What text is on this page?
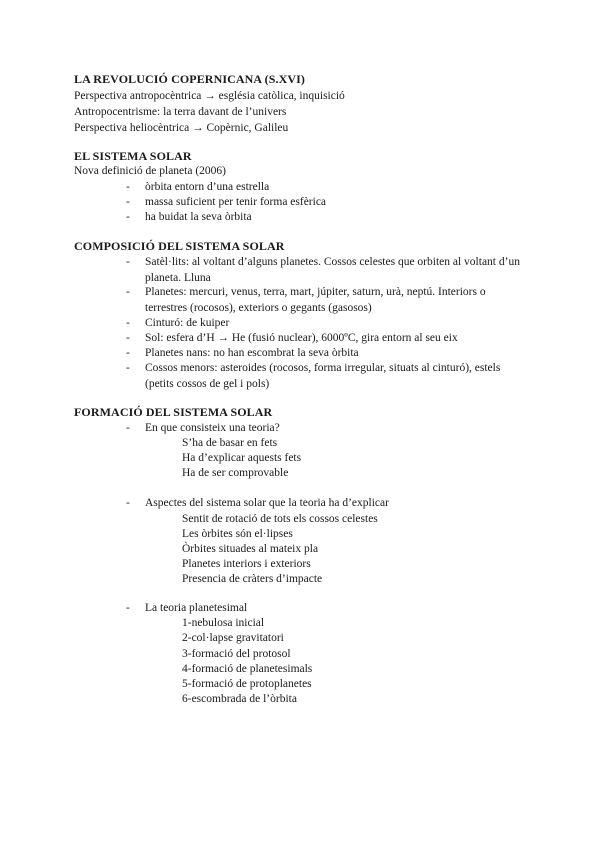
LA REVOLUCIÓ COPERNICANA (S.XVI)
Perspectiva antropocèntrica → església catòlica, inquisició
Antropocentrisme: la terra davant de l’univers
Perspectiva heliocèntrica → Copèrnic, Galileu
EL SISTEMA SOLAR
Nova definició de planeta (2006)
- òrbita entorn d’una estrella
- massa suficient per tenir forma esfèrica
- ha buidat la seva òrbita
COMPOSICIÓ DEL SISTEMA SOLAR
- Satèl·lits: al voltant d’alguns planetes. Cossos celestes que orbiten al voltant d’un planeta. Lluna
- Planetes: mercuri, venus, terra, mart, júpiter, saturn, urà, neptú. Interiors o terrestres (rocosos), exteriors o gegants (gasosos)
- Cinturó: de kuiper
- Sol: esfera d’H → He (fusió nuclear), 6000ºC, gira entorn al seu eix
- Planetes nans: no han escombrat la seva òrbita
- Cossos menors: asteroides (rocosos, forma irregular, situats al cinturó), estels (petits cossos de gel i pols)
FORMACIÓ DEL SISTEMA SOLAR
- En que consisteix una teoria?
S’ha de basar en fets
Ha d’explicar aquests fets
Ha de ser comprovable
- Aspectes del sistema solar que la teoria ha d’explicar
Sentit de rotació de tots els cossos celestes
Les òrbites són el·lipses
Òrbites situades al mateix pla
Planetes interiors i exteriors
Presencia de cràters d’impacte
- La teoria planetesimal
1-nebulosa inicial
2-col·lapse gravitatori
3-formació del protosol
4-formació de planetesimals
5-formació de protoplanetes
6-escombrada de l’òrbita
